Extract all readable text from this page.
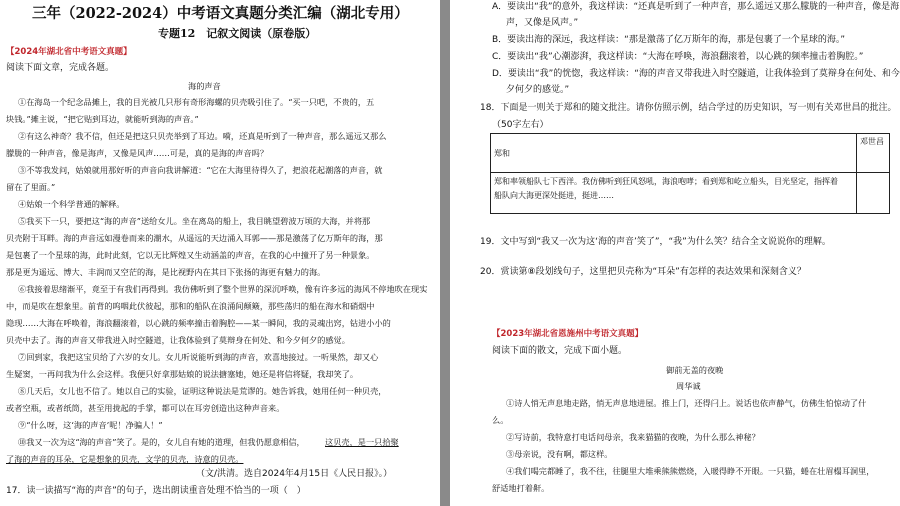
三年（2022-2024）中考语文真题分类汇编（湖北专用）
专题12　记叙文阅读（原卷版）
【2024年湖北省中考语文真题】
阅读下面文章，完成各题。
海的声音
①在海岛一个纪念品摊上，我的目光被几只形有奇形海螺的贝壳吸引住了。“买一只吧，不贵的，五
块钱。”摊主说，“把它贴到耳边，就能听到海的声音。”
②有这么神奇？我不信，但还是把这只贝壳举到了耳边。嗬，还真是听到了一种声音，那么遥远又那么
朦胧的一种声音，像是海声，又像是风声……可是，真的是海的声音吗？
③不等我发问，姑娘就用那好听的声音向我讲解道：“它在大海里待得久了，把浪花起潮落的声音，就
留在了里面。”
④姑娘一个科学普通的解释。
⑤我买下一只，要把这“海的声音”送给女儿。坐在离岛的船上，我目眺望碧波万顷的大海，并将那
贝壳附于耳畔。海的声音远如漫卷而来的潮水，从遥远的天边涌入耳郭——那是激荡了亿万斯年的海，那
是包裹了一个星球的海，此时此刻，它以无比辉煌又生动涵盖的声音，在我的心中撞开了另一种景象。
那是更为遥远、博大、丰润而又空茫的海，是比视野内在其日下张扬的海更有魅力的海。
⑥我接着思绪渐平，竟至于有我们再得到。我仿佛听到了整个世界的深沉呼唤，像有许多远的海风不停地吹在现实
中，而是吹在想象里。前背的呜咽此伏彼起，那和的船队在浪涌间颠簸，那些荡归的船在海水和硝烟中
隐现……大海在呼唤着，海浪翻滚着，以心跳的频率撞击着胸腔——某一瞬间，我的灵魂出窍，钻进小小的
贝壳中去了。海的声音又带我进入时空隧道，让我体验到了莫辩身在何处、和今夕何夕的感觉。
⑦回到家，我把这宝贝给了六岁的女儿。女儿听说能听到海的声音，欢喜地接过。一听果然，却又心
生疑窦，一再问我为什么会这样。我便只好拿那姑娘的说法搪塞她，她还是将信将疑，我却笑了。
⑧几天后，女儿也不信了。她以自己的实验，证明这种说法是荒谬的。她告诉我，她用任何一种贝壳，
或者空瓶，或者纸筒，甚至用拢起的手掌，都可以在耳旁创造出这种声音来。
⑨“什么呀，这‘海的声音’呢！净骗人！”
⑩我又一次为这“海的声音”笑了。是的，女儿自有她的道理，但我仍愿意相信， 这贝壳，是一只拾聚
了海的声音的耳朵，它是想象的贝壳，文学的贝壳，诗意的贝壳。
（文/洪清。选自2024年4月15日《人民日报》。）
17．读一读描写“海的声音”的句子，选出朗读重音处理不恰当的一项（　）
A．要读出“我”的意外，我这样读：“还真是听到了一种声音，那么遥远又那么朦胧的一种声音，像是海
声，又像是风声。”
B．要读出海的深远，我这样读：“那是激荡了亿万斯年的海，那是包裹了一个星球的海。”
C．要读出“我”心潮澎湃，我这样读：“大海在呼唤，海浪翻滚着，以心跳的频率撞击着胸腔。”
D．要读出“我”的恍惚，我这样读：“海的声音又带我进入时空隧道，让我体验到了莫辩身在何处、和今
夕何夕的感觉。”
18．下面是一则关于郑和的随文批注。请你仿照示例，结合学过的历史知识，写一则有关邓世昌的批注。
（50字左右）
郑和	邓世昌
郑和率领船队七下西洋。我仿佛听到狂风怒吼，海浪咆哮；看到郑和屹立船头，目光坚定，指挥着
船队向大海更深处挺进，挺进……	
19．文中写到“我又一次为这‘海的声音’笑了”，“我”为什么笑？结合全文说说你的理解。
20．赏读第⑧段划线句子，这里把贝壳称为“耳朵”有怎样的表达效果和深刻含义？
【2023年湖北省恩施州中考语文真题】
阅读下面的散文，完成下面小题。
御前无盖的夜晚
周华诚
①诗人悄无声息地走路，悄无声息地进屋。推上门，还得闩上。说话也依声静气，仿佛生怕惊动了什
么。
②写诗前，我特意打电话问母亲，我来猫猫的夜晚，为什么那么神秘？
③母亲说，没有啊，都这样。
④我们喝完都睡了，我不往，往腿里大堆乘熊熊燃烧，入暖得睁不开眼。一只猫，蜷在壮眉榻耳洞里，
舒适地打着鼾。
